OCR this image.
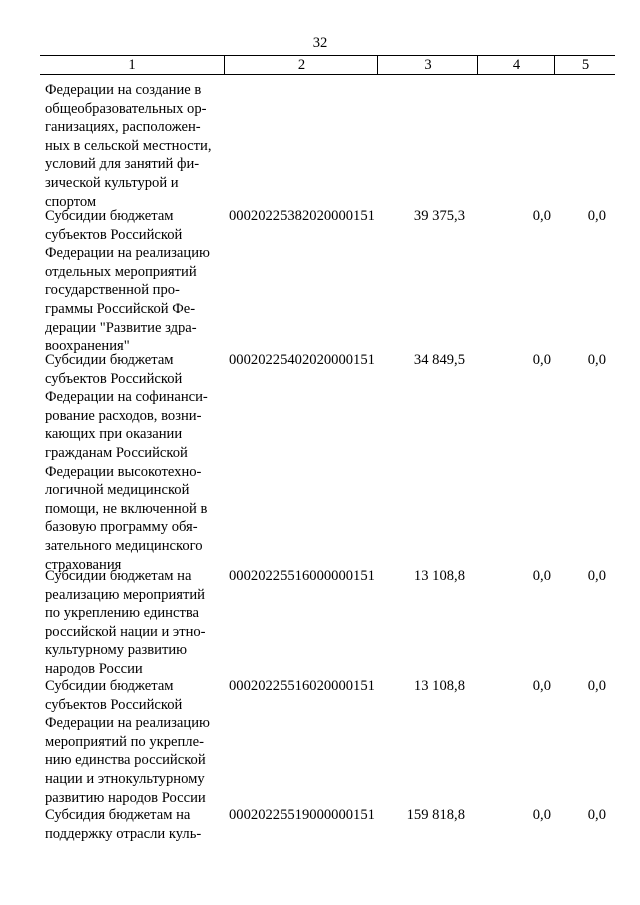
32
1	2	3	4	5
Федерации на создание в
общеобразовательных ор-
ганизациях, расположен-
ных в сельской местности,
условий для занятий фи-
зической культурой и
спортом
Субсидии бюджетам
субъектов Российской
Федерации на реализацию
отдельных мероприятий
государственной про-
граммы Российской Фе-
дерации "Развитие здра-
воохранения"
00020225382020000151	39 375,3	0,0	0,0
Субсидии бюджетам
субъектов Российской
Федерации на софинанси-
рование расходов, возни-
кающих при оказании
гражданам Российской
Федерации высокотехно-
логичной медицинской
помощи, не включенной в
базовую программу обя-
зательного медицинского
страхования
00020225402020000151	34 849,5	0,0	0,0
Субсидии бюджетам на
реализацию мероприятий
по укреплению единства
российской нации и этно-
культурному развитию
народов России
00020225516000000151	13 108,8	0,0	0,0
Субсидии бюджетам
субъектов Российской
Федерации на реализацию
мероприятий по укрепле-
нию единства российской
нации и этнокультурному
развитию народов России
00020225516020000151	13 108,8	0,0	0,0
Субсидия бюджетам на
поддержку отрасли куль-
00020225519000000151 159 818,8	0,0	0,0
